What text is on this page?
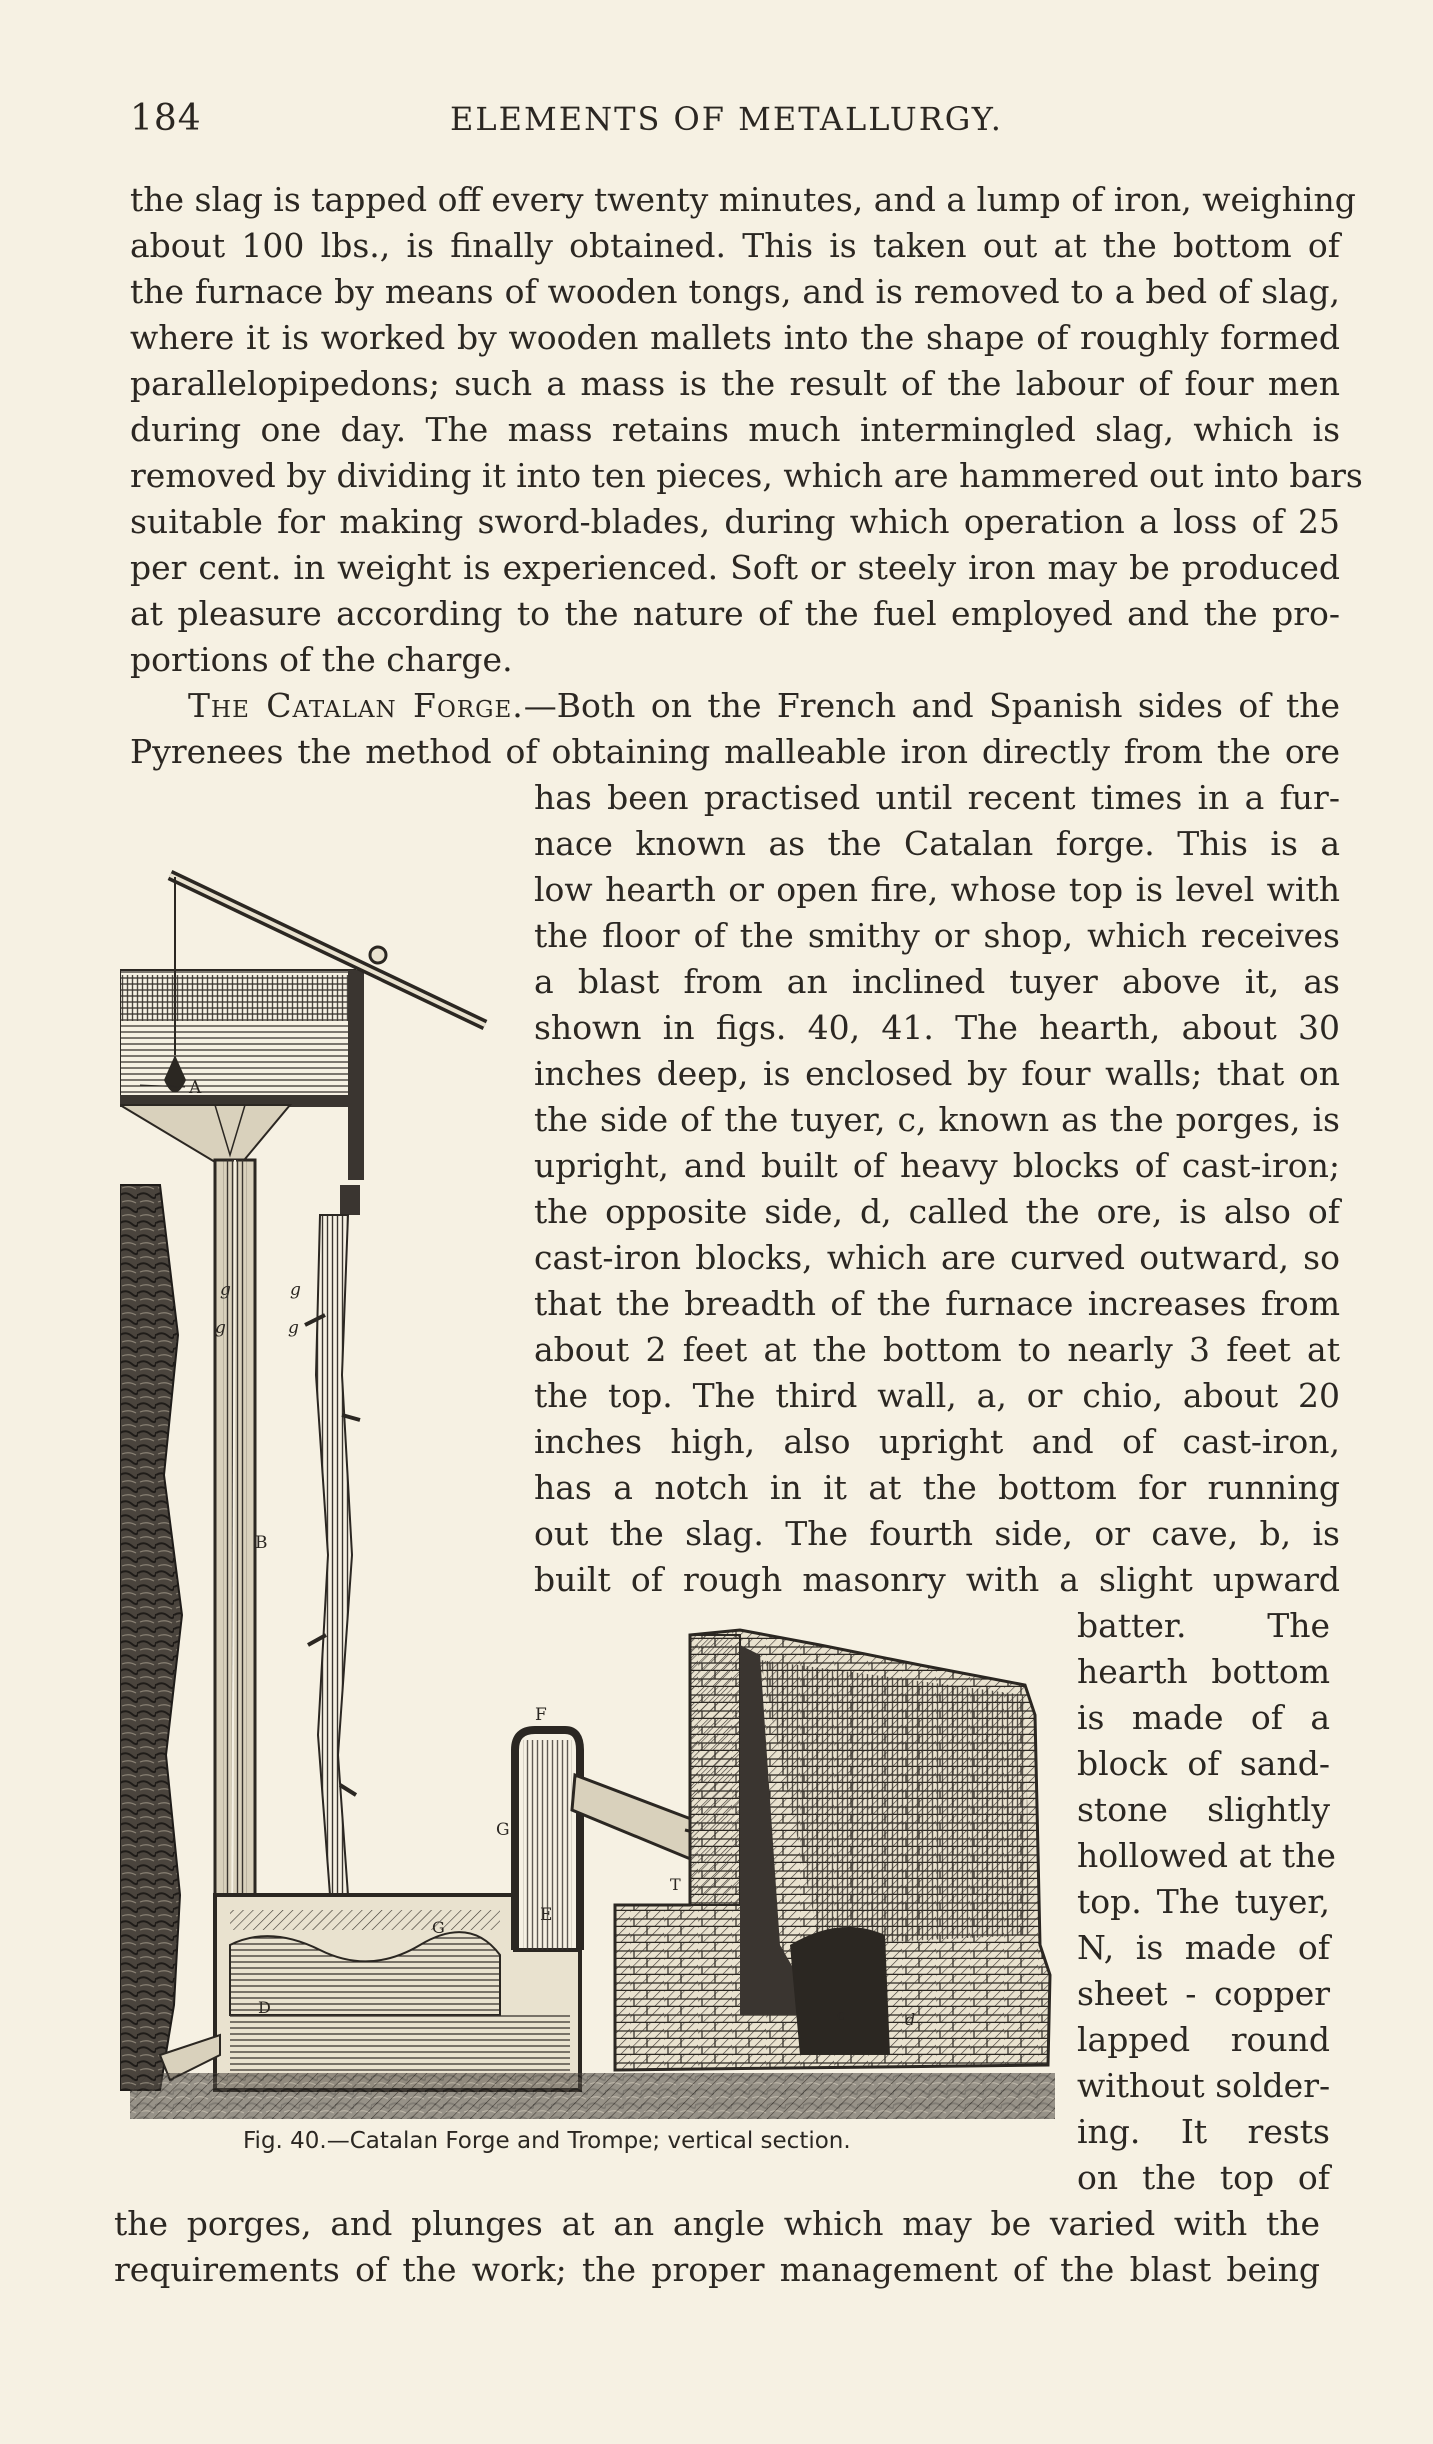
184	ELEMENTS OF METALLURGY.
the slag is tapped off every twenty minutes, and a lump of iron, weighing
about 100 lbs., is finally obtained. This is taken out at the bottom of
the furnace by means of wooden tongs, and is removed to a bed of slag,
where it is worked by wooden mallets into the shape of roughly formed
parallelopipedons; such a mass is the result of the labour of four men
during one day. The mass retains much intermingled slag, which is
removed by dividing it into ten pieces, which are hammered out into bars
suitable for making sword-blades, during which operation a loss of 25
per cent. in weight is experienced. Soft or steely iron may be produced
at pleasure according to the nature of the fuel employed and the pro-
portions of the charge.
The Catalan Forge.—Both on the French and Spanish sides of the
Pyrenees the method of obtaining malleable iron directly from the ore
has been practised until recent times in a fur-
nace known as the Catalan forge. This is a
low hearth or open fire, whose top is level with
the floor of the smithy or shop, which receives
a blast from an inclined tuyer above it, as
shown in figs. 40, 41. The hearth, about 30
inches deep, is enclosed by four walls; that on
the side of the tuyer, c, known as the porges, is
upright, and built of heavy blocks of cast-iron;
the opposite side, d, called the ore, is also of
cast-iron blocks, which are curved outward, so
that the breadth of the furnace increases from
about 2 feet at the bottom to nearly 3 feet at
the top. The third wall, a, or chio, about 20
inches high, also upright and of cast-iron,
has a notch in it at the bottom for running
out the slag. The fourth side, or cave, b, is
built of rough masonry with a slight upward
batter. The
hearth bottom
is made of a
block of sand-
stone slightly
hollowed at the
top. The tuyer,
N, is made of
sheet - copper
lapped round
without solder-
ing. It rests
on the top of
the porges, and plunges at an angle which may be varied with the
requirements of the work; the proper management of the blast being
A
B
g
g
g
g
G
D
F
G
T
c	d
Fig. 40.—Catalan Forge and Trompe; vertical section.
